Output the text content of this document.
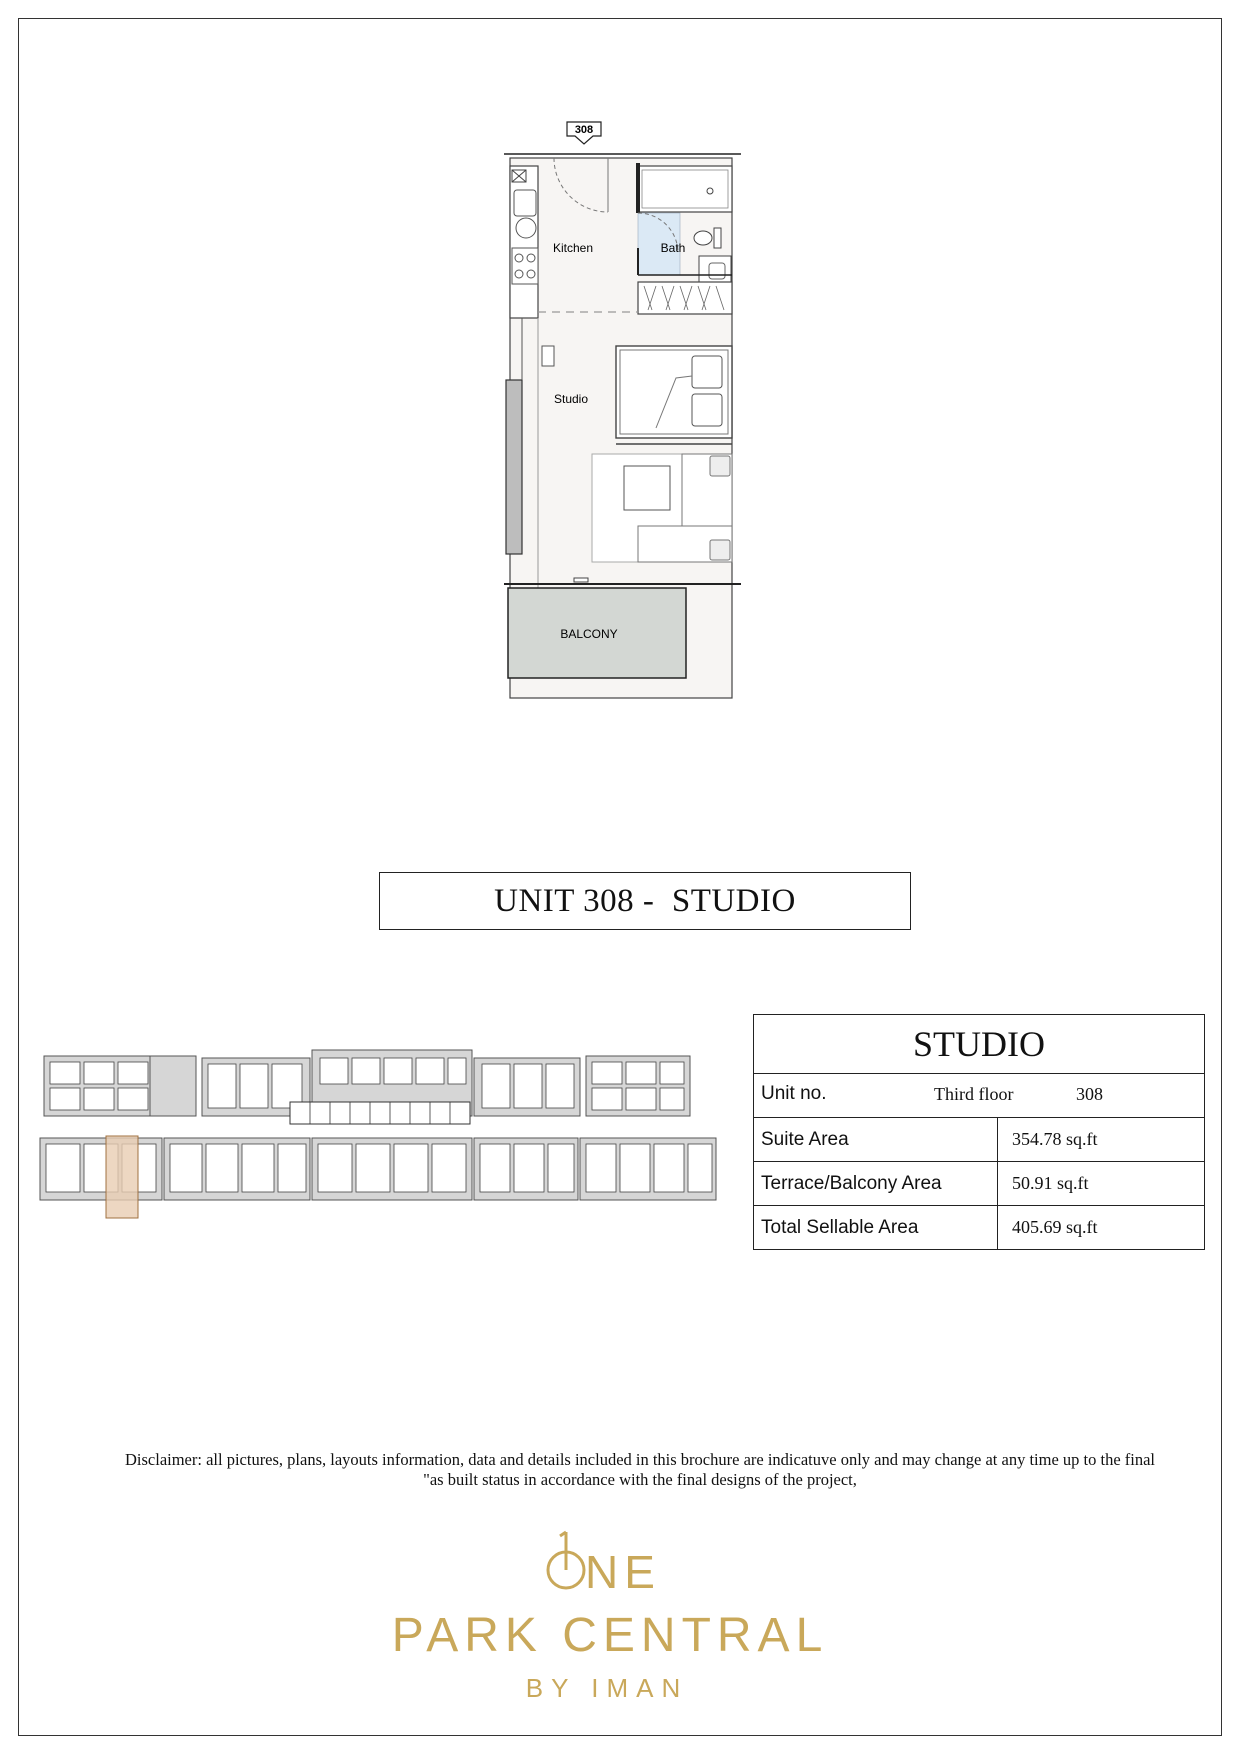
308
Kitchen	Bath
Studio
BALCONY
UNIT 308 -  STUDIO
STUDIO	

Unit no. Third floor 308	

Suite Area	354.78 sq.ft
Terrace/Balcony Area	50.91 sq.ft
Total Sellable Area	405.69 sq.ft
Disclaimer: all pictures, plans, layouts information, data and details included in this brochure are indicatuve only and may change at any time up to the final
"as built status in accordance with the final designs of the project,
NE
PARK CENTRAL
BY IMAN
